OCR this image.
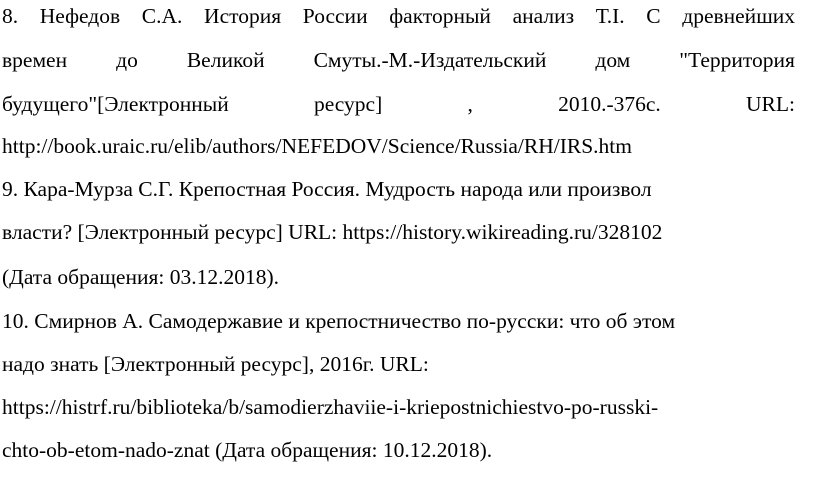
8. Нефедов С.А. История России факторный анализ Т.I. С древнейших
времен до Великой Смуты.-М.-Издательский дом "Территория
будущего"[Электронный	ресурс]	,	2010.-376с.	URL:
http://book.uraic.ru/elib/authors/NEFEDOV/Science/Russia/RH/IRS.htm
9. Кара-Мурза С.Г. Крепостная Россия. Мудрость народа или произвол
власти? [Электронный ресурс] URL: https://history.wikireading.ru/328102
(Дата обращения: 03.12.2018).
10. Смирнов А. Самодержавие и крепостничество по-русски: что об этом
надо знать [Электронный ресурс], 2016г. URL:
https://histrf.ru/biblioteka/b/samodierzhaviie-i-kriepostnichiestvo-po-russki-
chto-ob-etom-nado-znat (Дата обращения: 10.12.2018).
